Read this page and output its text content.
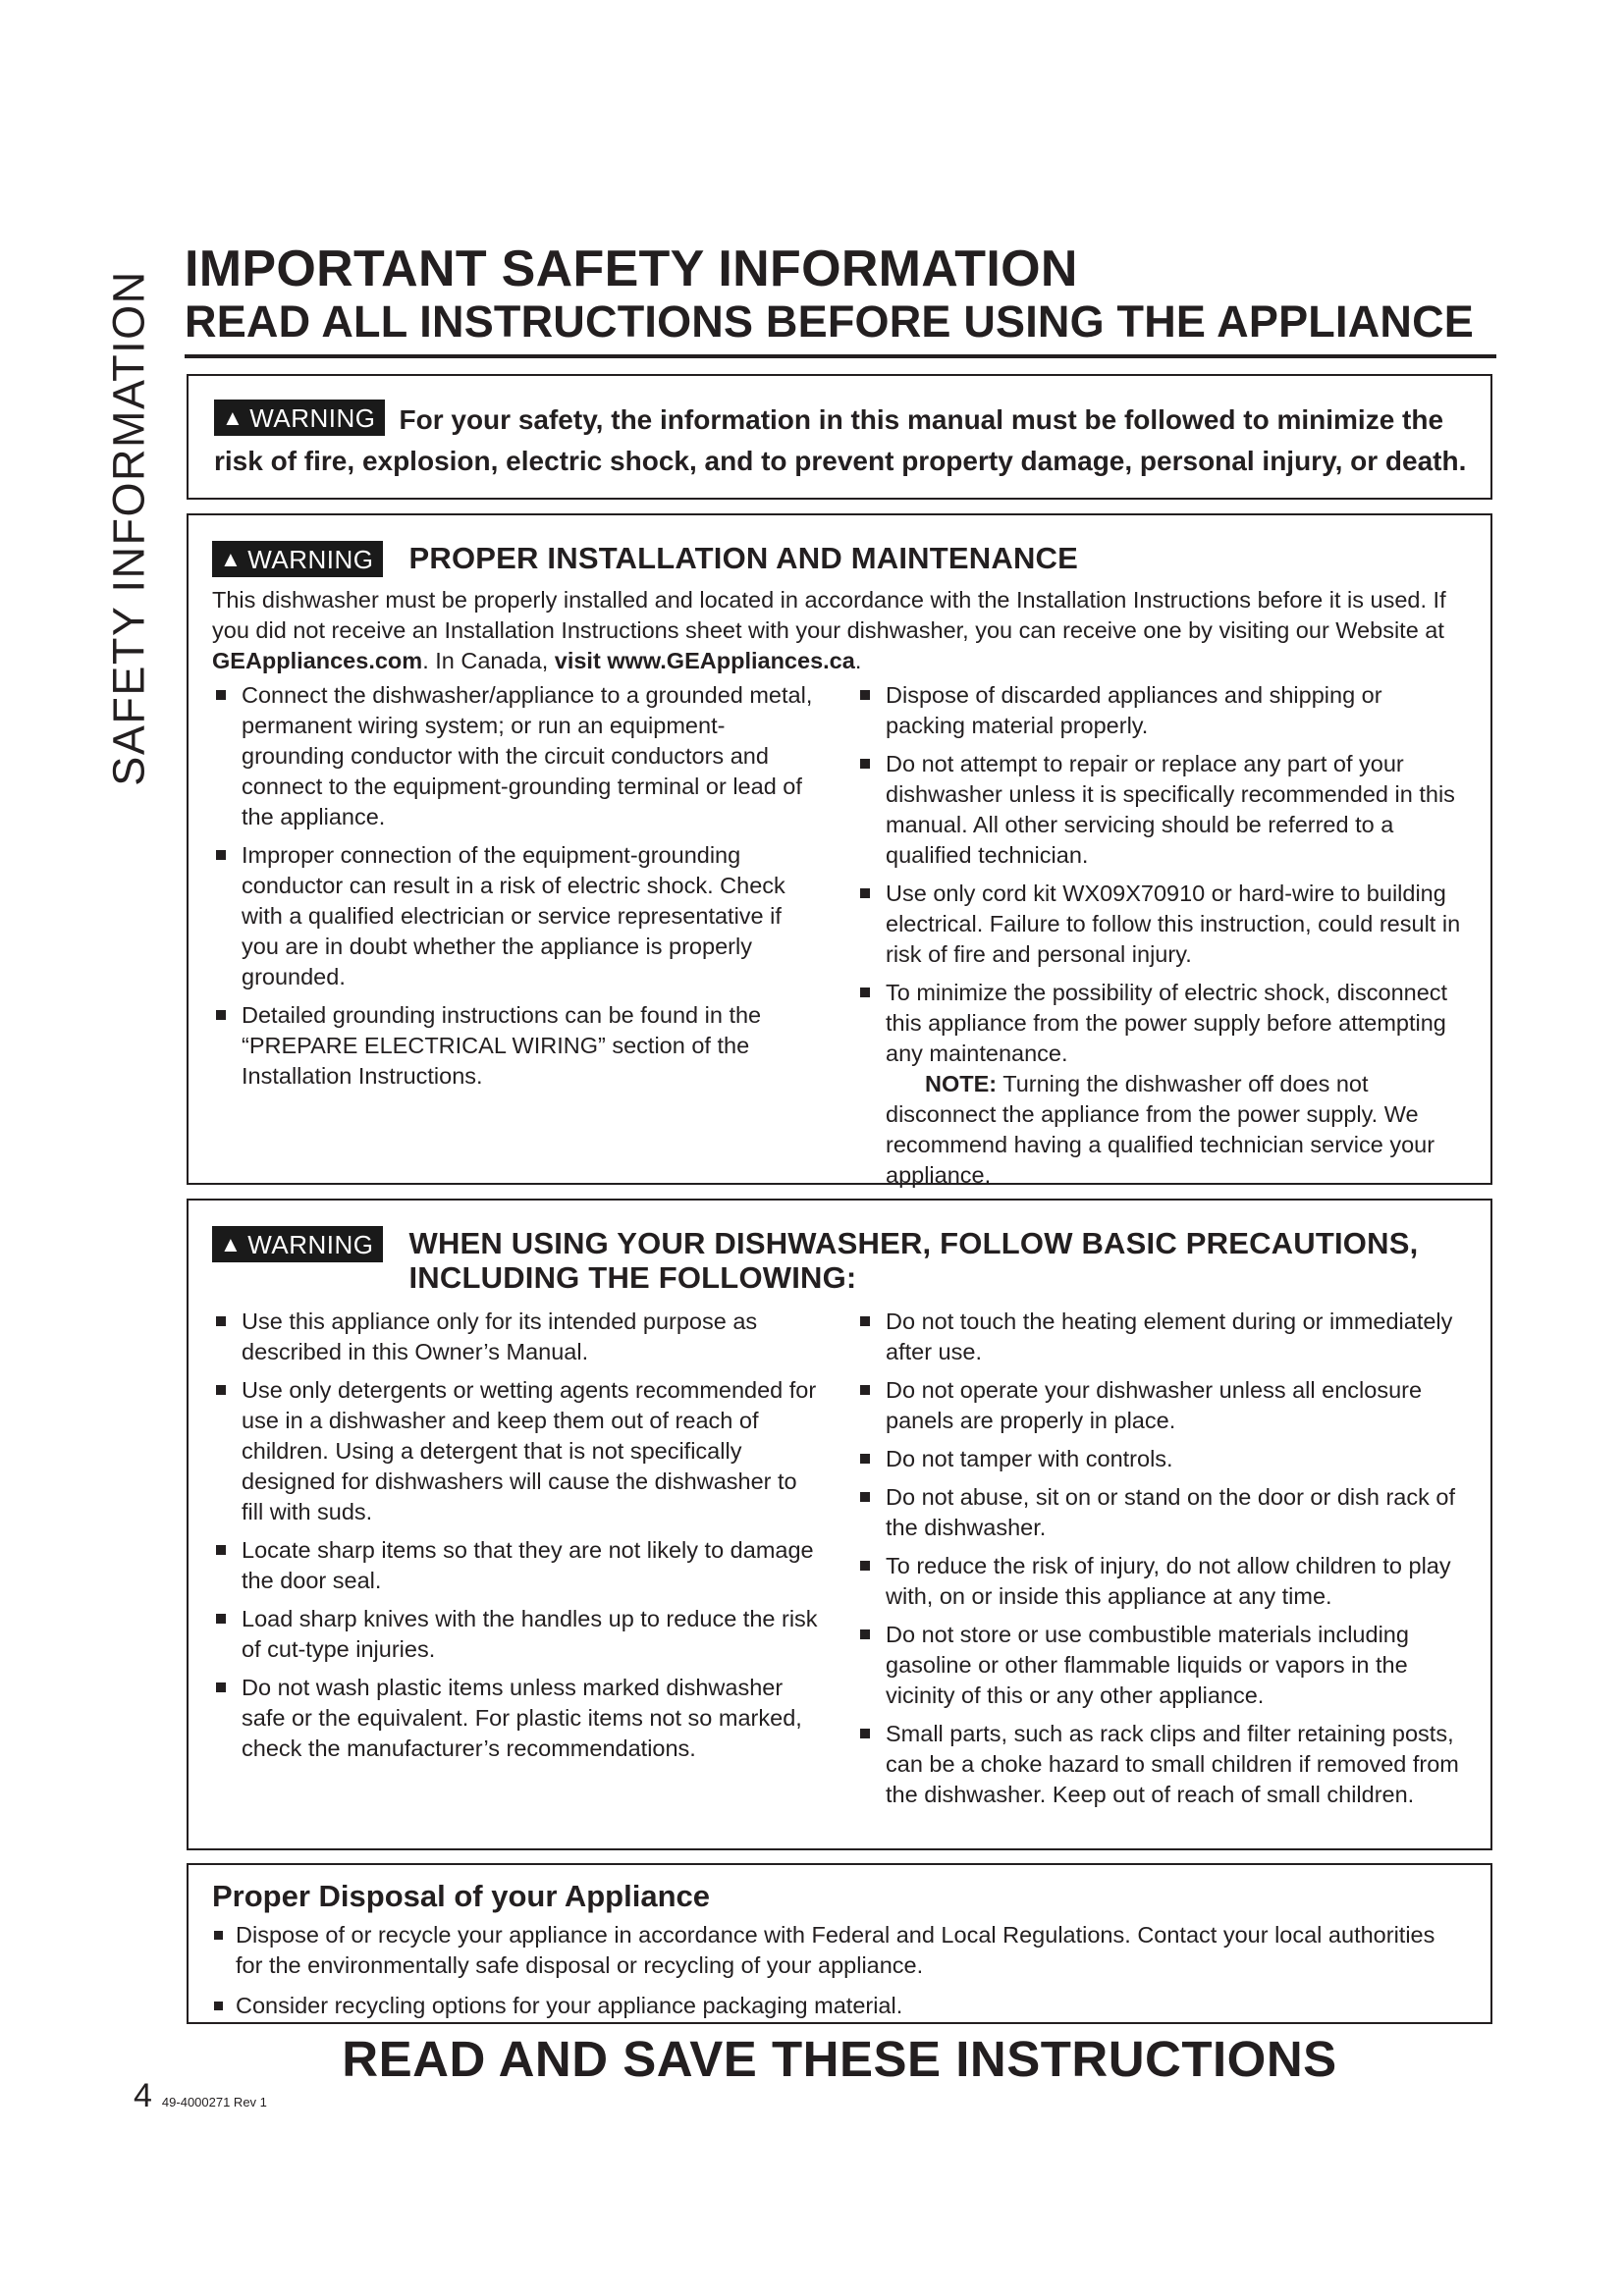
SAFETY INFORMATION
IMPORTANT SAFETY INFORMATION
READ ALL INSTRUCTIONS BEFORE USING THE APPLIANCE
▲ WARNING For your safety, the information in this manual must be followed to minimize the risk of fire, explosion, electric shock, and to prevent property damage, personal injury, or death.
▲ WARNING PROPER INSTALLATION AND MAINTENANCE
This dishwasher must be properly installed and located in accordance with the Installation Instructions before it is used. If you did not receive an Installation Instructions sheet with your dishwasher, you can receive one by visiting our Website at GEAppliances.com. In Canada, visit www.GEAppliances.ca.
Connect the dishwasher/appliance to a grounded metal, permanent wiring system; or run an equipment-grounding conductor with the circuit conductors and connect to the equipment-grounding terminal or lead of the appliance.
Improper connection of the equipment-grounding conductor can result in a risk of electric shock. Check with a qualified electrician or service representative if you are in doubt whether the appliance is properly grounded.
Detailed grounding instructions can be found in the “PREPARE ELECTRICAL WIRING” section of the Installation Instructions.
Dispose of discarded appliances and shipping or packing material properly.
Do not attempt to repair or replace any part of your dishwasher unless it is specifically recommended in this manual. All other servicing should be referred to a qualified technician.
Use only cord kit WX09X70910 or hard-wire to building electrical. Failure to follow this instruction, could result in risk of fire and personal injury.
To minimize the possibility of electric shock, disconnect this appliance from the power supply before attempting any maintenance.
NOTE: Turning the dishwasher off does not disconnect the appliance from the power supply. We recommend having a qualified technician service your appliance.
▲ WARNING WHEN USING YOUR DISHWASHER, FOLLOW BASIC PRECAUTIONS, INCLUDING THE FOLLOWING:
Use this appliance only for its intended purpose as described in this Owner’s Manual.
Use only detergents or wetting agents recommended for use in a dishwasher and keep them out of reach of children. Using a detergent that is not specifically designed for dishwashers will cause the dishwasher to fill with suds.
Locate sharp items so that they are not likely to damage the door seal.
Load sharp knives with the handles up to reduce the risk of cut-type injuries.
Do not wash plastic items unless marked dishwasher safe or the equivalent. For plastic items not so marked, check the manufacturer’s recommendations.
Do not touch the heating element during or immediately after use.
Do not operate your dishwasher unless all enclosure panels are properly in place.
Do not tamper with controls.
Do not abuse, sit on or stand on the door or dish rack of the dishwasher.
To reduce the risk of injury, do not allow children to play with, on or inside this appliance at any time.
Do not store or use combustible materials including gasoline or other flammable liquids or vapors in the vicinity of this or any other appliance.
Small parts, such as rack clips and filter retaining posts, can be a choke hazard to small children if removed from the dishwasher. Keep out of reach of small children.
Proper Disposal of your Appliance
Dispose of or recycle your appliance in accordance with Federal and Local Regulations. Contact your local authorities for the environmentally safe disposal or recycling of your appliance.
Consider recycling options for your appliance packaging material.
READ AND SAVE THESE INSTRUCTIONS
4 49-4000271 Rev 1
